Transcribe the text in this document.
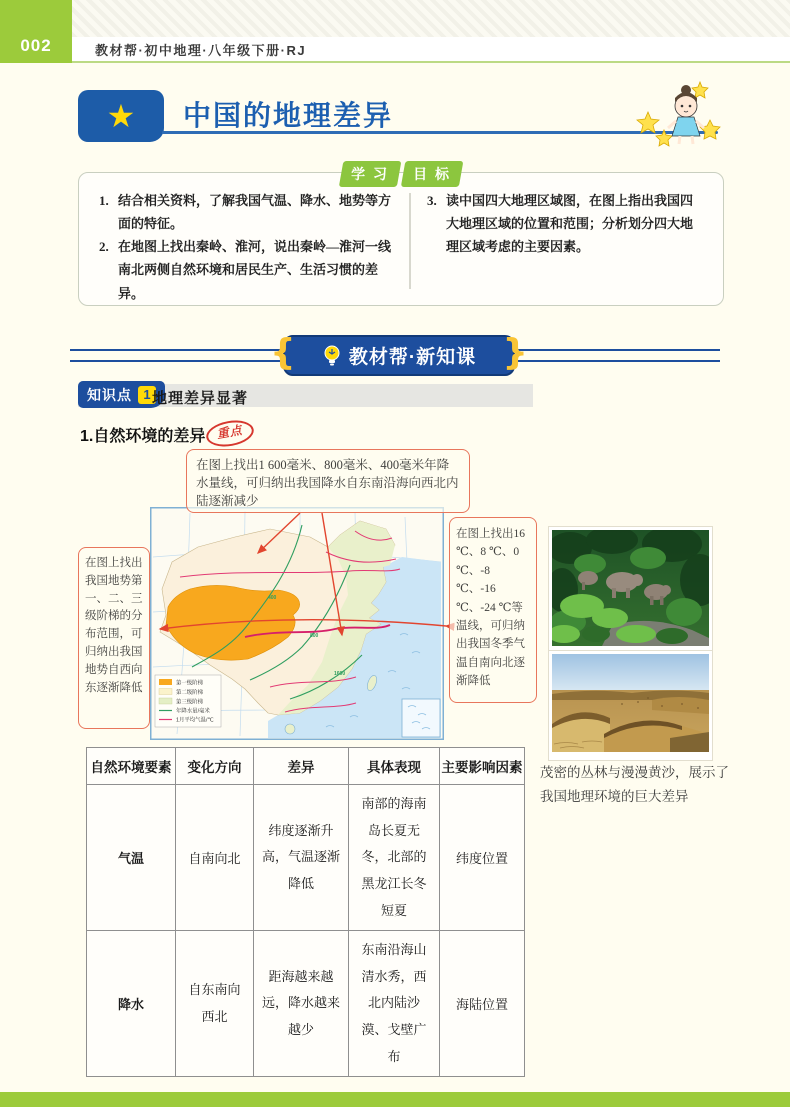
002	教材帮·初中地理·八年级下册·RJ
★ 中国的地理差异
学 习 目 标
1. 结合相关资料，了解我国气温、降水、地势等方面的特征。
2. 在地图上找出秦岭、淮河，说出秦岭—淮河一线南北两侧自然环境和居民生产、生活习惯的差异。
3. 读中国四大地理区域图，在图上指出我国四大地理区域的位置和范围；分析划分四大地理区域考虑的主要因素。
{	教材帮·新知课 }
知识点 1 地理差异显著
1.自然环境的差异 重点
在图上找出1 600毫米、800毫米、400毫米年降水量线，可归纳出我国降水自东南沿海向西北内陆逐渐减少
在图上找出我国地势第一、二、三级阶梯的分布范围，可归纳出我国地势自西向东逐渐降低
在图上找出16 ℃、8 ℃、0 ℃、-8 ℃、-16 ℃、-24 ℃等温线，可归纳出我国冬季气温自南向北逐渐降低
400
800
1600
第一级阶梯
第二级阶梯
第三级阶梯
年降水量/毫米
1月平均气温/℃
茂密的丛林与漫漫黄沙，展示了我国地理环境的巨大差异
自然环境要素	变化方向	差异	具体表现	主要影响因素
气温	自南向北	纬度逐渐升高，气温逐渐降低	南部的海南岛长夏无冬，北部的黑龙江长冬短夏	纬度位置
降水	自东南向西北	距海越来越远，降水越来越少	东南沿海山清水秀，西北内陆沙漠、戈壁广布	海陆位置
